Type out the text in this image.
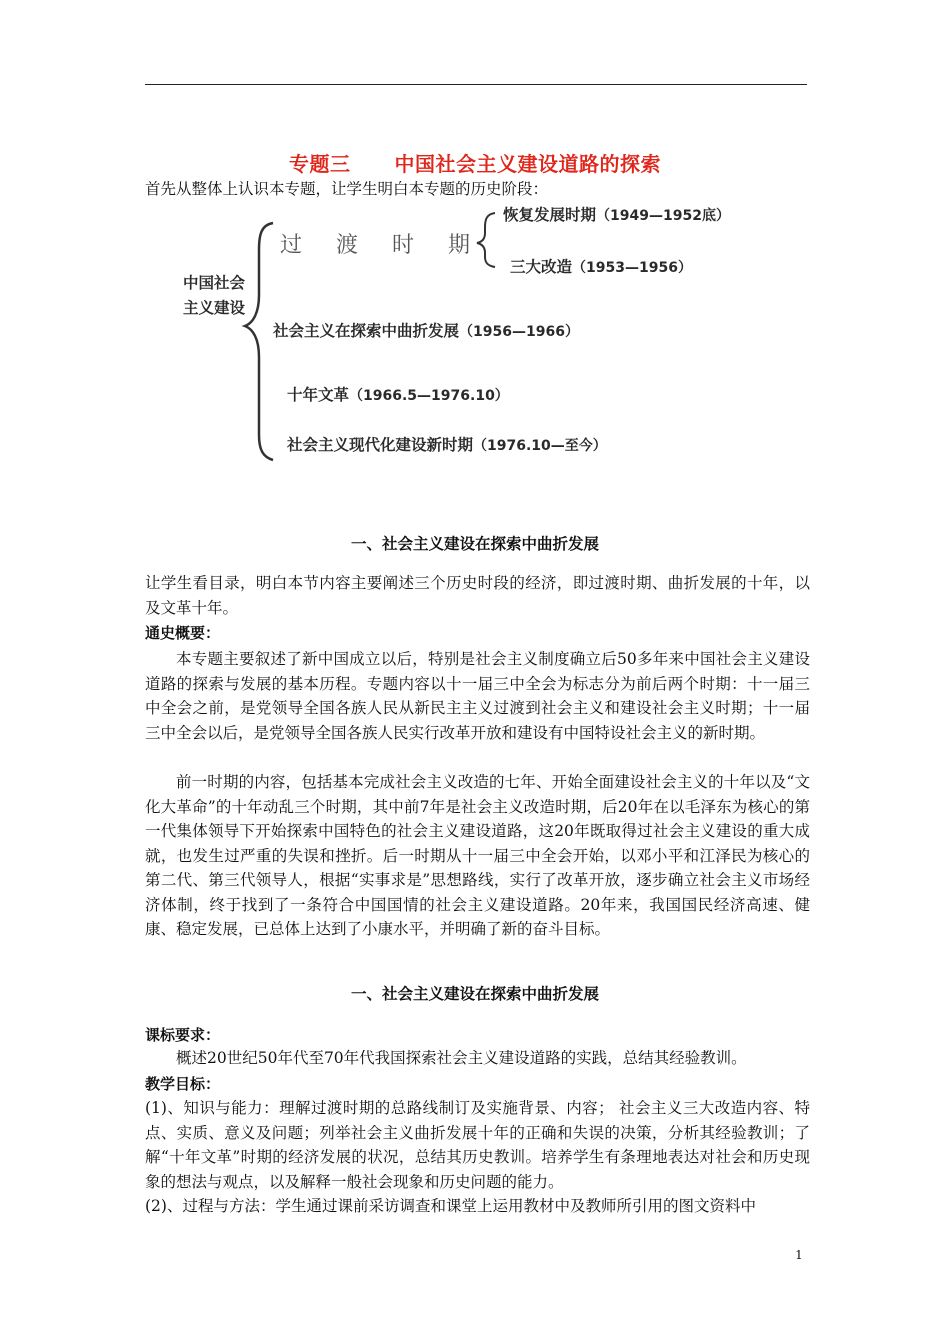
专题三 中国社会主义建设道路的探索
首先从整体上认识本专题，让学生明白本专题的历史阶段：
中国社会
主义建设
过渡时期
恢复发展时期（1949—1952底）
三大改造（1953—1956）
社会主义在探索中曲折发展（1956—1966）
十年文革（1966.5—1976.10）
社会主义现代化建设新时期（1976.10—至今）
一、社会主义建设在探索中曲折发展
让学生看目录，明白本节内容主要阐述三个历史时段的经济，即过渡时期、曲折发展的十年，以及文革十年。
通史概要：
本专题主要叙述了新中国成立以后，特别是社会主义制度确立后50多年来中国社会主义建设道路的探索与发展的基本历程。专题内容以十一届三中全会为标志分为前后两个时期：十一届三中全会之前，是党领导全国各族人民从新民主主义过渡到社会主义和建设社会主义时期；十一届三中全会以后，是党领导全国各族人民实行改革开放和建设有中国特设社会主义的新时期。
前一时期的内容，包括基本完成社会主义改造的七年、开始全面建设社会主义的十年以及“文化大革命”的十年动乱三个时期，其中前7年是社会主义改造时期，后20年在以毛泽东为核心的第一代集体领导下开始探索中国特色的社会主义建设道路，这20年既取得过社会主义建设的重大成就，也发生过严重的失误和挫折。后一时期从十一届三中全会开始，以邓小平和江泽民为核心的第二代、第三代领导人，根据“实事求是”思想路线，实行了改革开放，逐步确立社会主义市场经济体制，终于找到了一条符合中国国情的社会主义建设道路。20年来，我国国民经济高速、健康、稳定发展，已总体上达到了小康水平，并明确了新的奋斗目标。
一、社会主义建设在探索中曲折发展
课标要求：
概述20世纪50年代至70年代我国探索社会主义建设道路的实践，总结其经验教训。
教学目标：
(1)、知识与能力：理解过渡时期的总路线制订及实施背景、内容； 社会主义三大改造内容、特点、实质、意义及问题；列举社会主义曲折发展十年的正确和失误的决策，分析其经验教训；了解“十年文革”时期的经济发展的状况，总结其历史教训。培养学生有条理地表达对社会和历史现象的想法与观点，以及解释一般社会现象和历史问题的能力。
(2)、过程与方法：学生通过课前采访调查和课堂上运用教材中及教师所引用的图文资料中
1
